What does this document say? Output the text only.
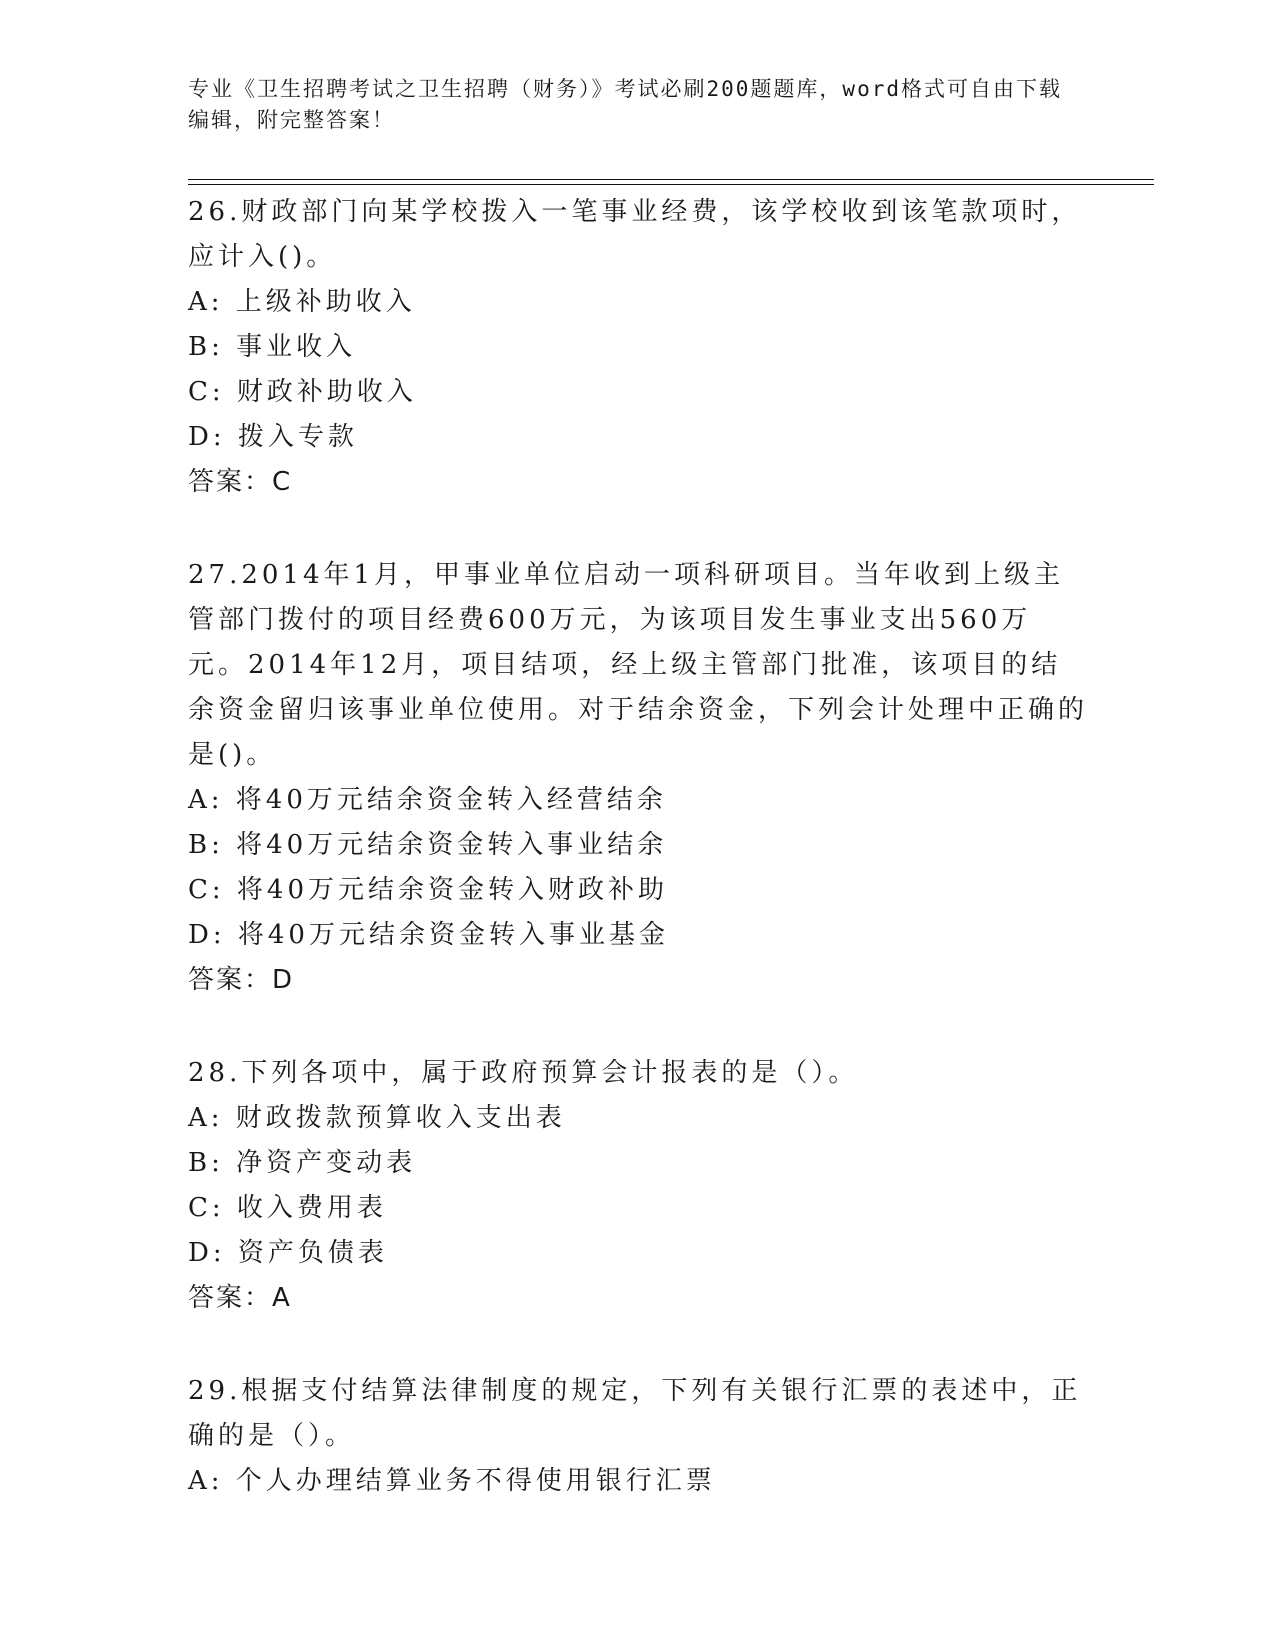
专业《卫生招聘考试之卫生招聘（财务）》考试必刷200题题库，word格式可自由下载编辑，附完整答案！

26.财政部门向某学校拨入一笔事业经费，该学校收到该笔款项时，应计入()。

A: 上级补助收入

B: 事业收入

C: 财政补助收入

D: 拨入专款

答案：C

27.2014年1月，甲事业单位启动一项科研项目。当年收到上级主管部门拨付的项目经费600万元，为该项目发生事业支出560万元。2014年12月，项目结项，经上级主管部门批准，该项目的结余资金留归该事业单位使用。对于结余资金，下列会计处理中正确的是()。

A: 将40万元结余资金转入经营结余

B: 将40万元结余资金转入事业结余

C: 将40万元结余资金转入财政补助

D: 将40万元结余资金转入事业基金

答案：D

28.下列各项中，属于政府预算会计报表的是（）。

A: 财政拨款预算收入支出表

B: 净资产变动表

C: 收入费用表

D: 资产负债表

答案：A

29.根据支付结算法律制度的规定，下列有关银行汇票的表述中，正确的是（）。

A: 个人办理结算业务不得使用银行汇票
